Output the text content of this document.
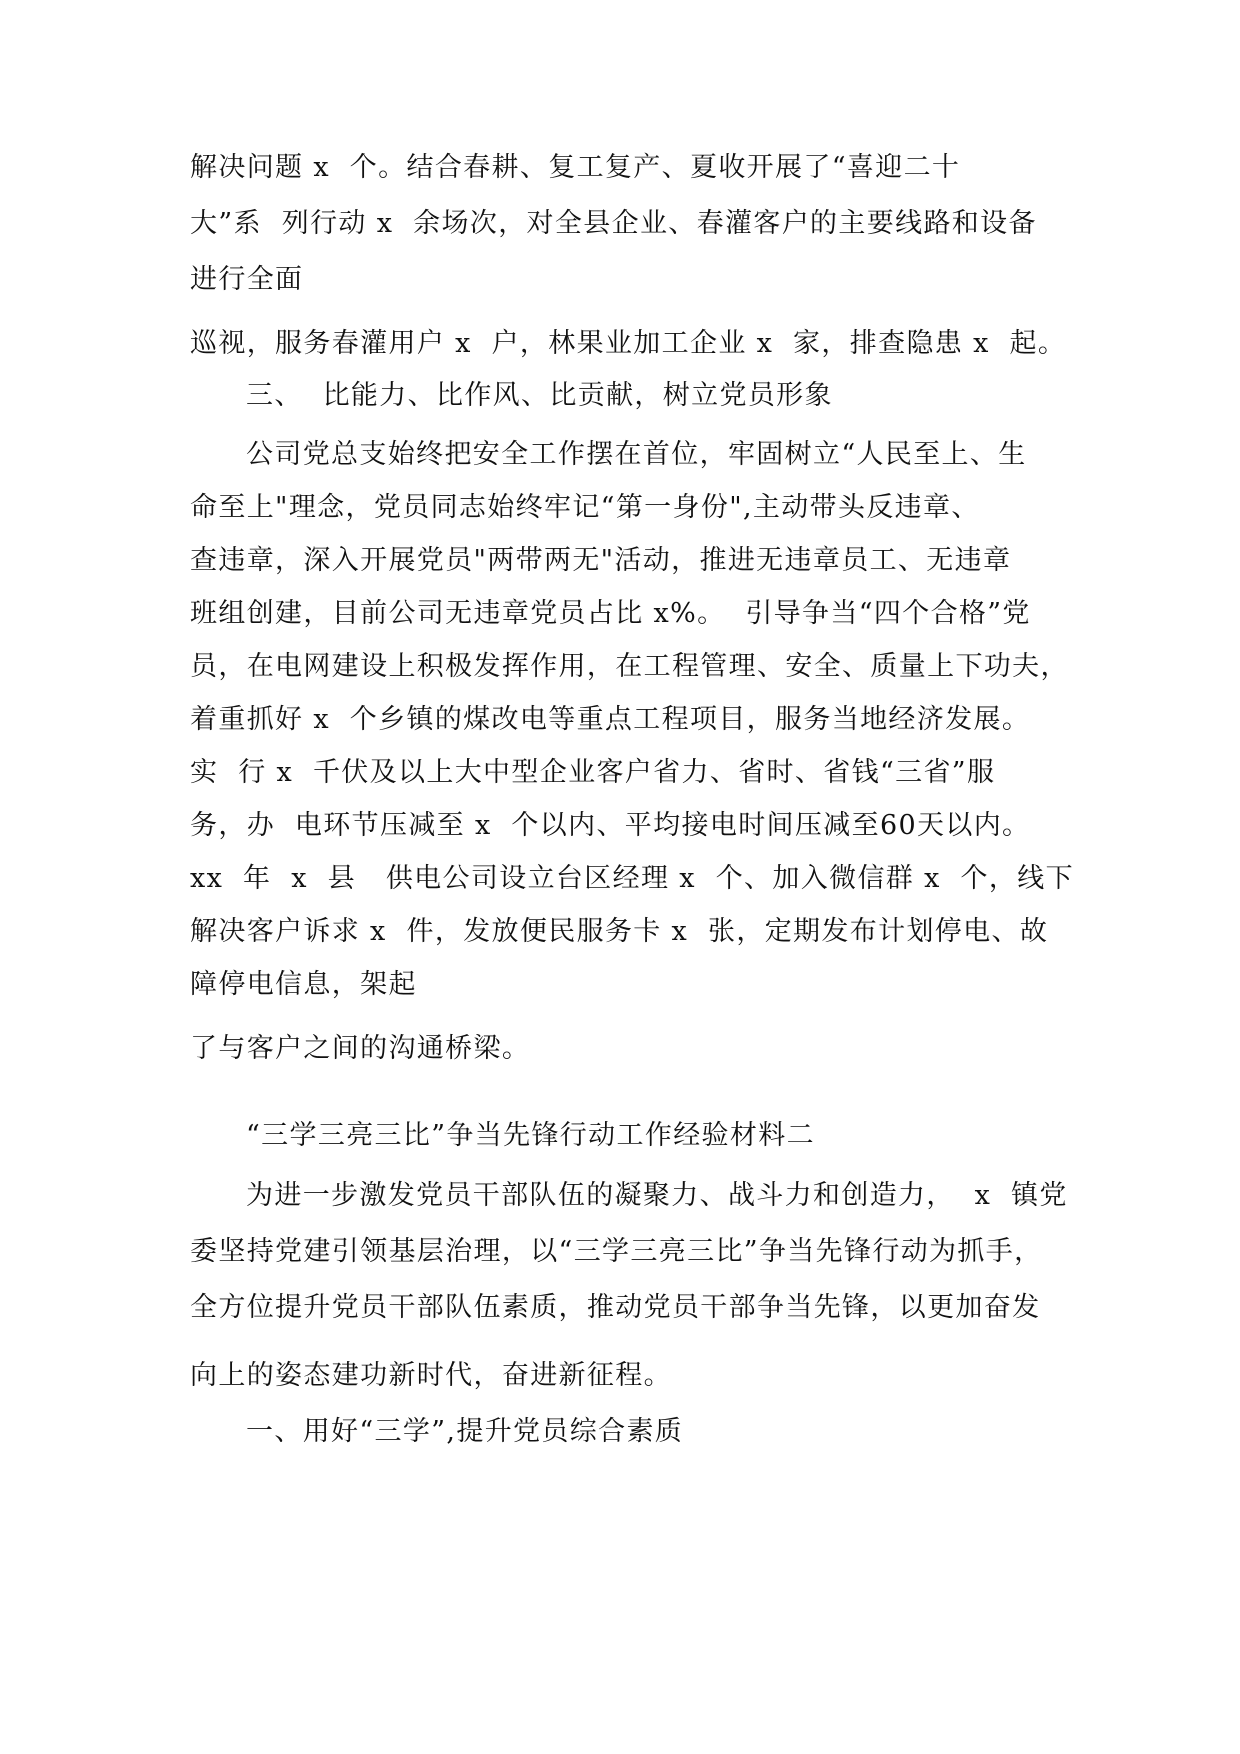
解决问题 x  个。结合春耕、复工复产、夏收开展了“喜迎二十
大”系  列行动 x  余场次，对全县企业、春灌客户的主要线路和设备
进行全面
巡视，服务春灌用户 x  户，林果业加工企业 x  家，排查隐患 x  起。
三、  比能力、比作风、比贡献，树立党员形象
公司党总支始终把安全工作摆在首位，牢固树立“人民至上、生
命至上"理念，党员同志始终牢记“第一身份",主动带头反违章、
查违章，深入开展党员"两带两无"活动，推进无违章员工、无违章
班组创建，目前公司无违章党员占比 x%。  引导争当“四个合格”党
员，在电网建设上积极发挥作用，在工程管理、安全、质量上下功夫，
着重抓好 x  个乡镇的煤改电等重点工程项目，服务当地经济发展。
实  行 x  千伏及以上大中型企业客户省力、省时、省钱“三省”服
务，办  电环节压减至 x  个以内、平均接电时间压减至60天以内。
xx  年  x  县   供电公司设立台区经理 x  个、加入微信群 x  个，线下
解决客户诉求 x  件，发放便民服务卡 x  张，定期发布计划停电、故
障停电信息，架起
了与客户之间的沟通桥梁。
“三学三亮三比”争当先锋行动工作经验材料二
为进一步激发党员干部队伍的凝聚力、战斗力和创造力，  x  镇党
委坚持党建引领基层治理，以“三学三亮三比”争当先锋行动为抓手，
全方位提升党员干部队伍素质，推动党员干部争当先锋，以更加奋发
向上的姿态建功新时代，奋进新征程。
一、用好“三学”,提升党员综合素质
